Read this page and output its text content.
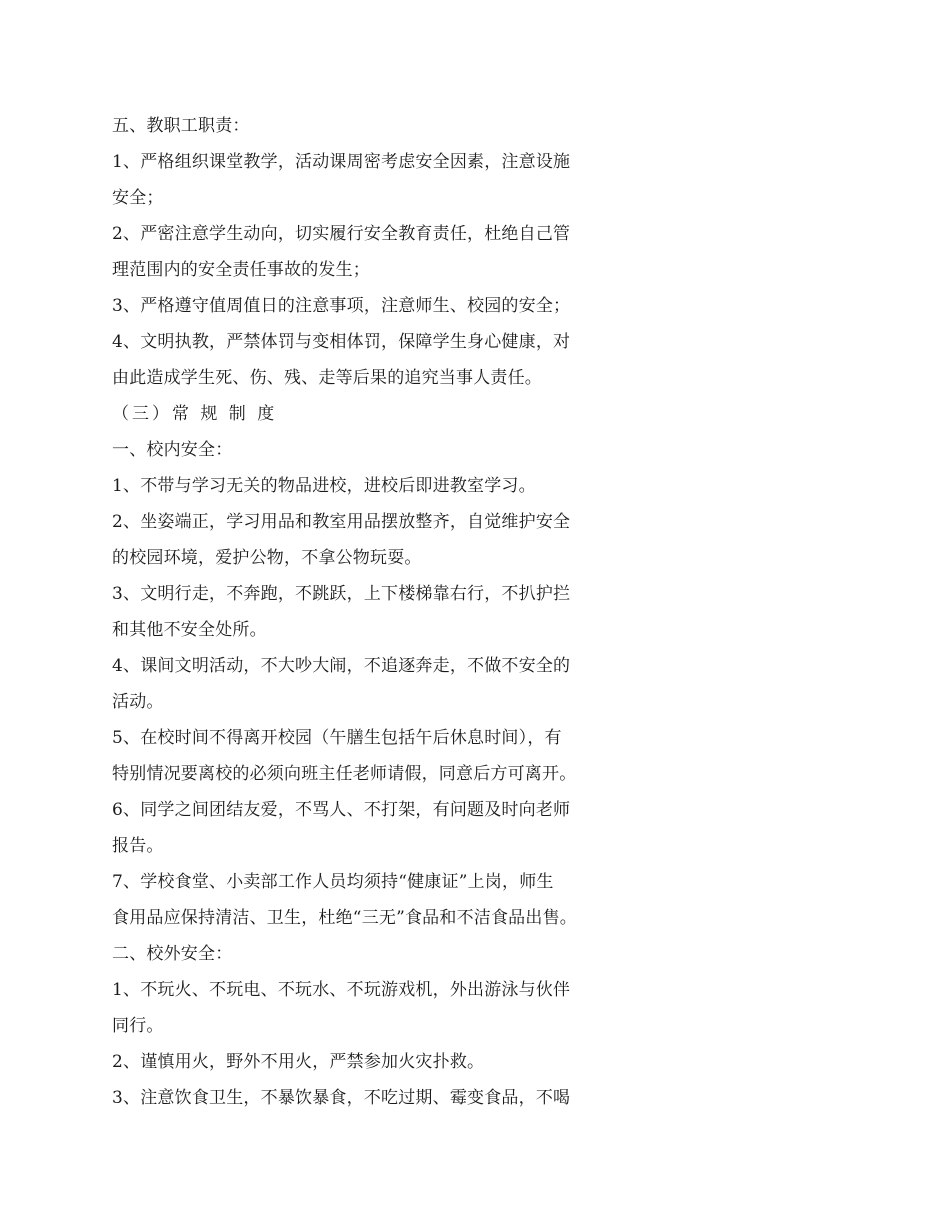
五、教职工职责：
1、严格组织课堂教学，活动课周密考虑安全因素，注意设施
安全；
2、严密注意学生动向，切实履行安全教育责任，杜绝自己管
理范围内的安全责任事故的发生；
3、严格遵守值周值日的注意事项，注意师生、校园的安全；
4、文明执教，严禁体罚与变相体罚，保障学生身心健康，对
由此造成学生死、伤、残、走等后果的追究当事人责任。
（三）常 规 制 度
一、校内安全：
1、不带与学习无关的物品进校，进校后即进教室学习。
2、坐姿端正，学习用品和教室用品摆放整齐，自觉维护安全
的校园环境，爱护公物，不拿公物玩耍。
3、文明行走，不奔跑，不跳跃，上下楼梯靠右行，不扒护拦
和其他不安全处所。
4、课间文明活动，不大吵大闹，不追逐奔走，不做不安全的
活动。
5、在校时间不得离开校园（午膳生包括午后休息时间），有
特别情况要离校的必须向班主任老师请假，同意后方可离开。
6、同学之间团结友爱，不骂人、不打架，有问题及时向老师
报告。
7、学校食堂、小卖部工作人员均须持“健康证”上岗，师生
食用品应保持清洁、卫生，杜绝“三无”食品和不洁食品出售。
二、校外安全：
1、不玩火、不玩电、不玩水、不玩游戏机，外出游泳与伙伴
同行。
2、谨慎用火，野外不用火，严禁参加火灾扑救。
3、注意饮食卫生，不暴饮暴食，不吃过期、霉变食品，不喝
